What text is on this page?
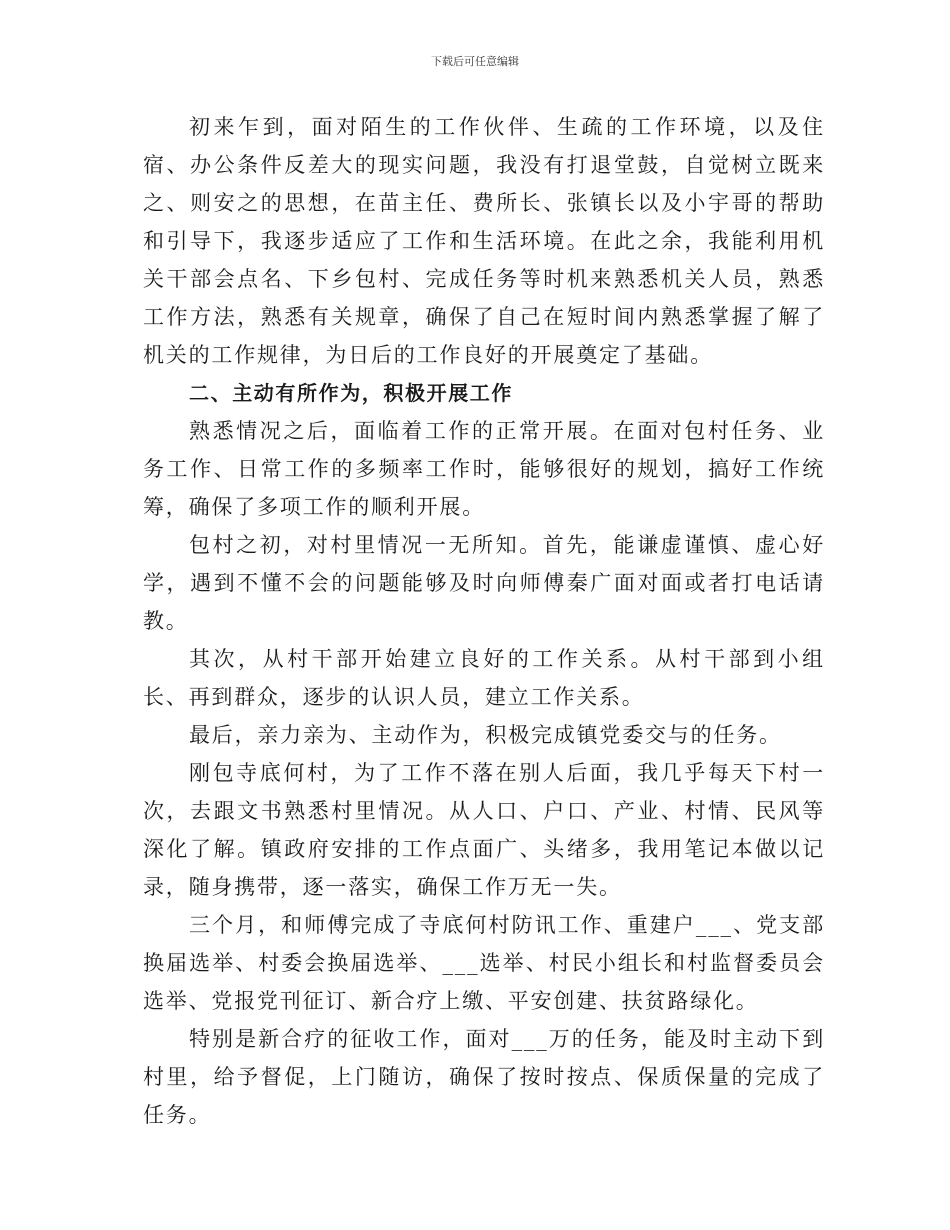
下载后可任意编辑

初来乍到，面对陌生的工作伙伴、生疏的工作环境，以及住宿、办公条件反差大的现实问题，我没有打退堂鼓，自觉树立既来之、则安之的思想，在苗主任、费所长、张镇长以及小宇哥的帮助和引导下，我逐步适应了工作和生活环境。在此之余，我能利用机关干部会点名、下乡包村、完成任务等时机来熟悉机关人员，熟悉工作方法，熟悉有关规章，确保了自己在短时间内熟悉掌握了解了机关的工作规律，为日后的工作良好的开展奠定了基础。

二、主动有所作为，积极开展工作

熟悉情况之后，面临着工作的正常开展。在面对包村任务、业务工作、日常工作的多频率工作时，能够很好的规划，搞好工作统筹，确保了多项工作的顺利开展。

包村之初，对村里情况一无所知。首先，能谦虚谨慎、虚心好学，遇到不懂不会的问题能够及时向师傅秦广面对面或者打电话请教。

其次，从村干部开始建立良好的工作关系。从村干部到小组长、再到群众，逐步的认识人员，建立工作关系。

最后，亲力亲为、主动作为，积极完成镇党委交与的任务。

刚包寺底何村，为了工作不落在别人后面，我几乎每天下村一次，去跟文书熟悉村里情况。从人口、户口、产业、村情、民风等深化了解。镇政府安排的工作点面广、头绪多，我用笔记本做以记录，随身携带，逐一落实，确保工作万无一失。

三个月，和师傅完成了寺底何村防讯工作、重建户___、党支部换届选举、村委会换届选举、___选举、村民小组长和村监督委员会选举、党报党刊征订、新合疗上缴、平安创建、扶贫路绿化。

特别是新合疗的征收工作，面对___万的任务，能及时主动下到村里，给予督促，上门随访，确保了按时按点、保质保量的完成了任务。
